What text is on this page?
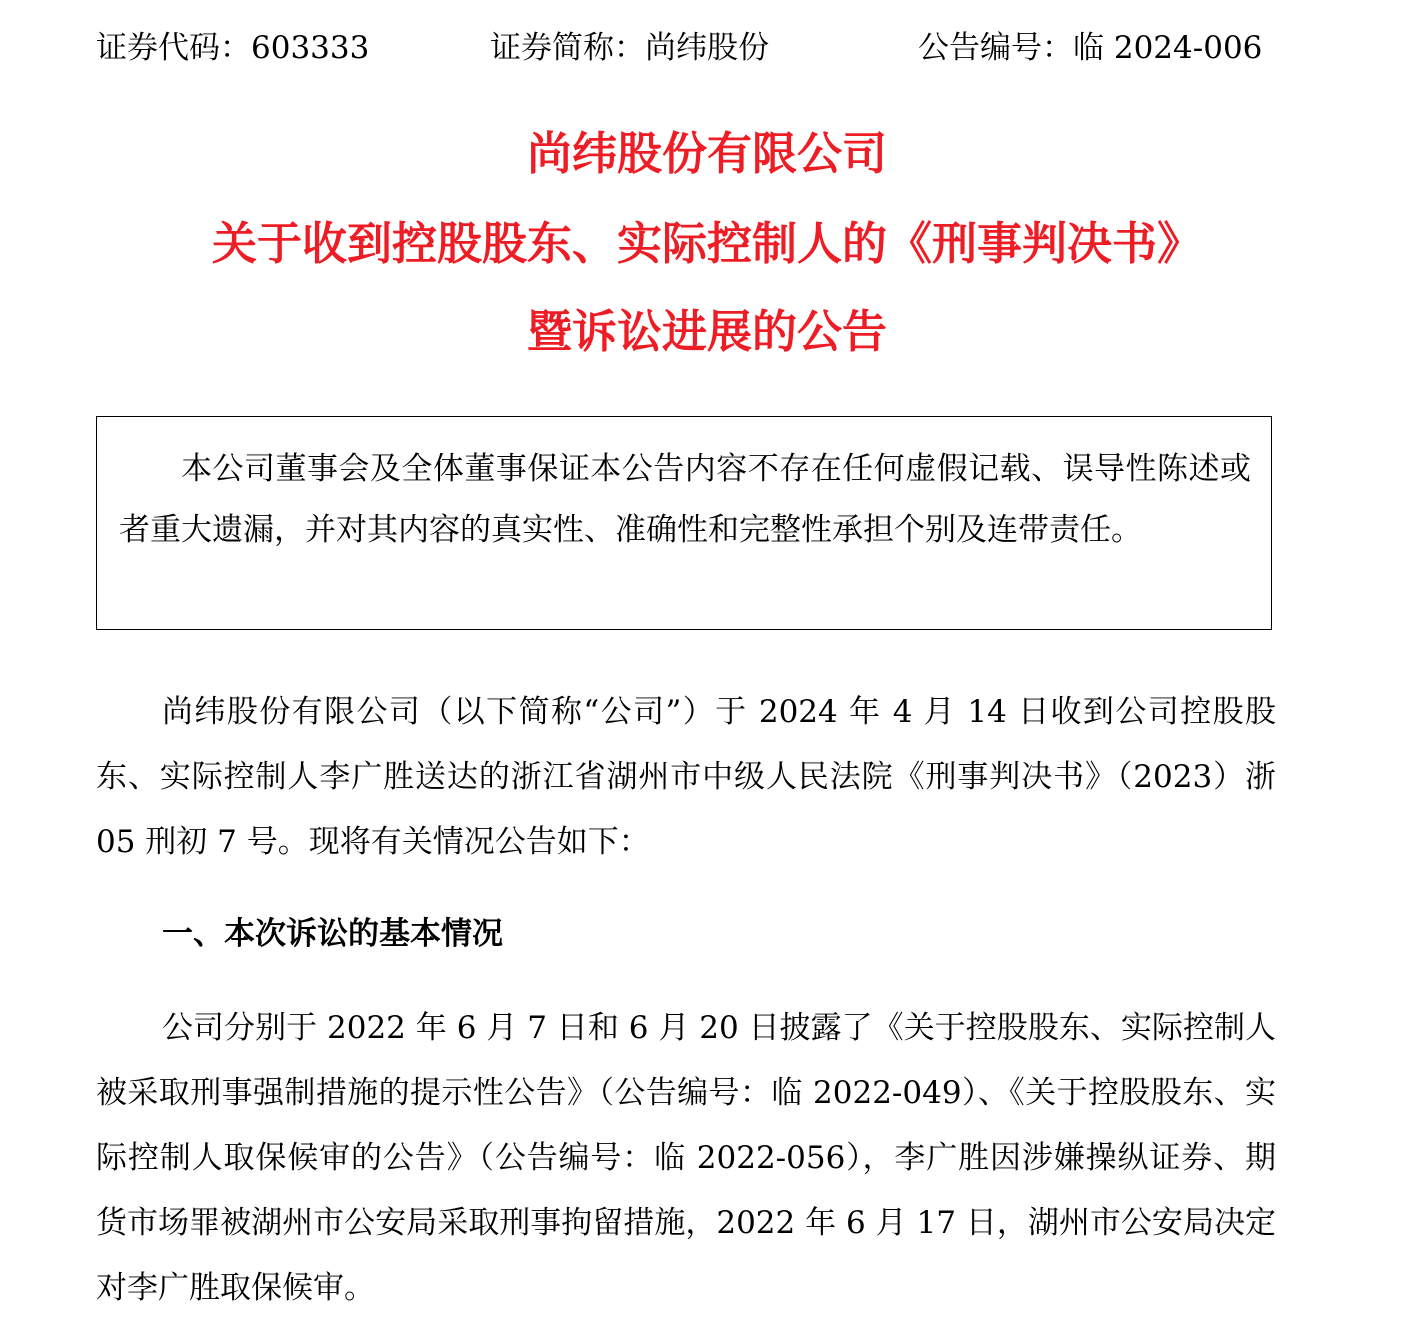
证券代码：603333	证券简称：尚纬股份	公告编号：临 2024-006
尚纬股份有限公司
关于收到控股股东、实际控制人的《刑事判决书》
暨诉讼进展的公告
本公司董事会及全体董事保证本公告内容不存在任何虚假记载、误导性陈述或者重大遗漏，并对其内容的真实性、准确性和完整性承担个别及连带责任。
尚纬股份有限公司（以下简称“公司”）于 2024 年 4 月 14 日收到公司控股股东、实际控制人李广胜送达的浙江省湖州市中级人民法院《刑事判决书》（2023）浙 05 刑初 7 号。现将有关情况公告如下：
一、本次诉讼的基本情况
公司分别于 2022 年 6 月 7 日和 6 月 20 日披露了《关于控股股东、实际控制人被采取刑事强制措施的提示性公告》（公告编号：临 2022-049）、《关于控股股东、实际控制人取保候审的公告》（公告编号：临 2022-056），李广胜因涉嫌操纵证券、期货市场罪被湖州市公安局采取刑事拘留措施，2022 年 6 月 17 日，湖州市公安局决定对李广胜取保候审。
